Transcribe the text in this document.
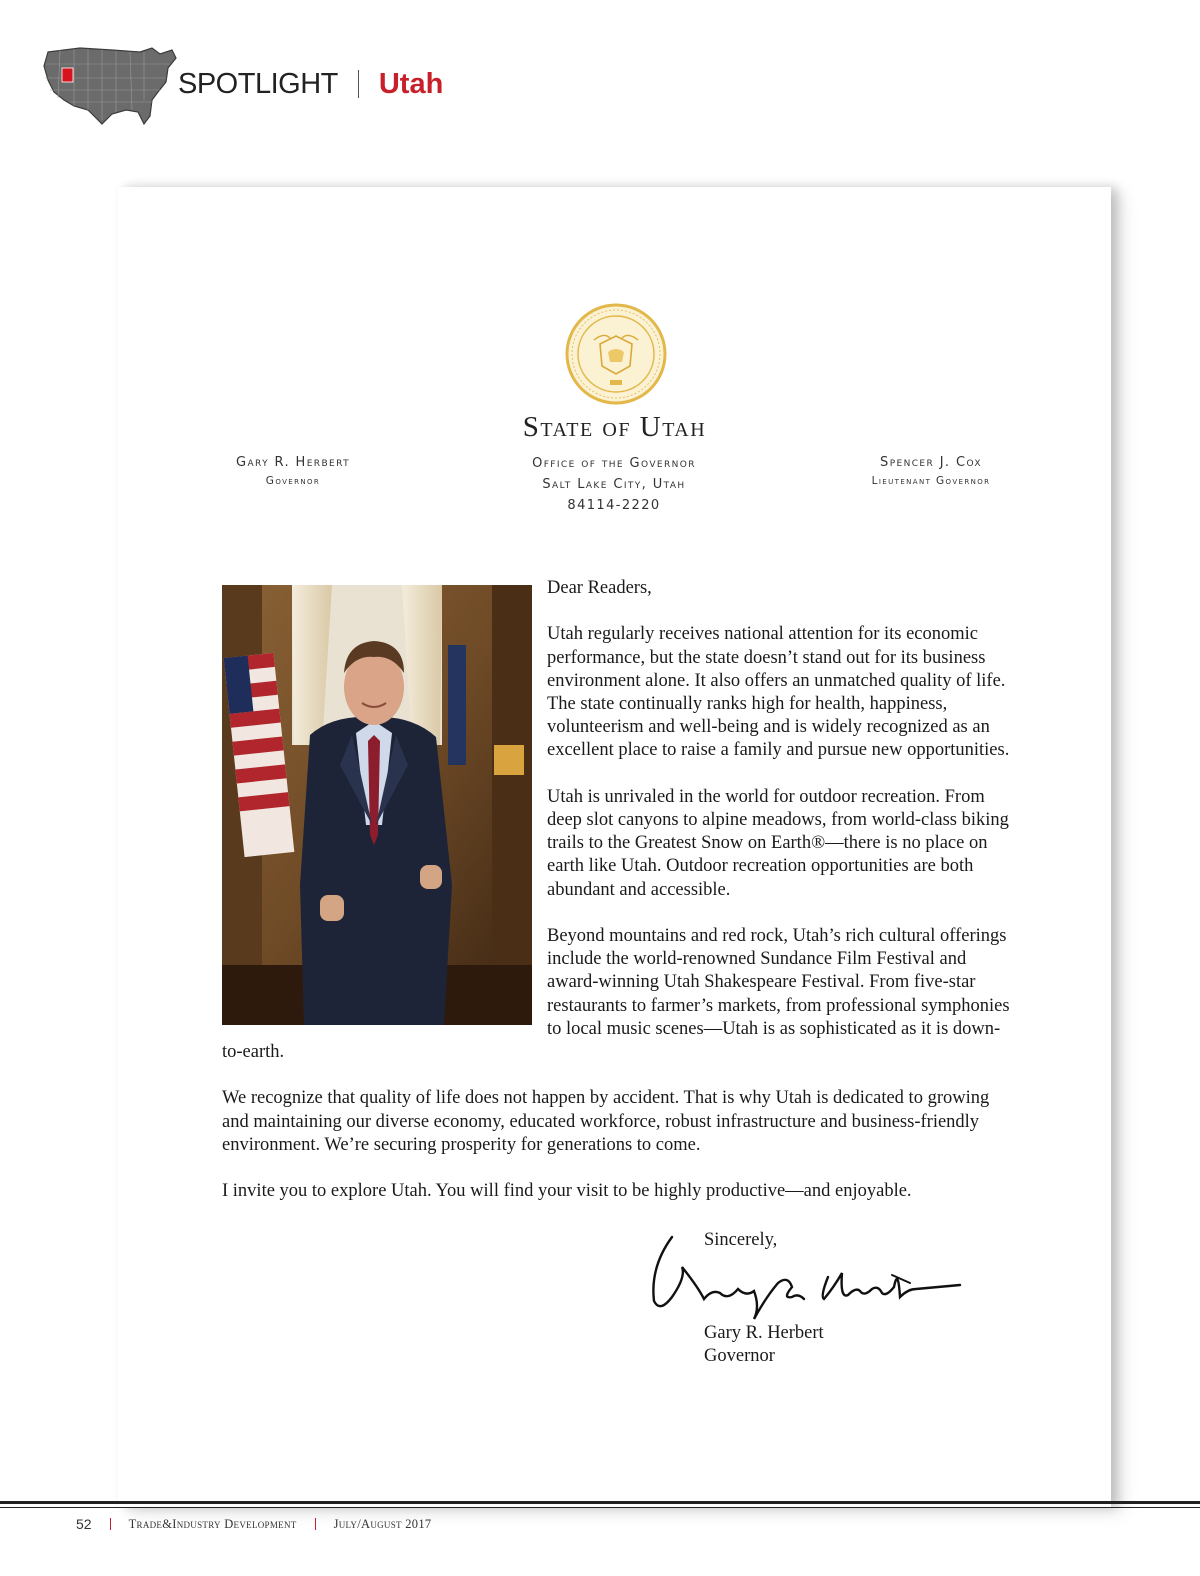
SPOTLIGHT Utah
State of Utah
Gary R. Herbert
Governor
Office of the Governor
Salt Lake City, Utah
84114-2220
Spencer J. Cox
Lieutenant Governor

Dear Readers,

Utah regularly receives national attention for its economic performance, but the state doesn’t stand out for its business environment alone. It also offers an unmatched quality of life. The state continually ranks high for health, happiness, volunteerism and well-being and is widely recognized as an excellent place to raise a family and pursue new opportunities.

Utah is unrivaled in the world for outdoor recreation. From deep slot canyons to alpine meadows, from world-class biking trails to the Greatest Snow on Earth®—there is no place on earth like Utah. Outdoor recreation opportunities are both abundant and accessible.

Beyond mountains and red rock, Utah’s rich cultural offerings include the world-renowned Sundance Film Festival and award-winning Utah Shakespeare Festival. From five-star restaurants to farmer’s markets, from professional symphonies to local music scenes—Utah is as sophisticated as it is down-to-earth.

We recognize that quality of life does not happen by accident. That is why Utah is dedicated to growing and maintaining our diverse economy, educated workforce, robust infrastructure and business-friendly environment. We’re securing prosperity for generations to come.

I invite you to explore Utah. You will find your visit to be highly productive—and enjoyable.

Sincerely,
Gary R. Herbert
Governor
52	Trade&Industry Development	July/August 2017
